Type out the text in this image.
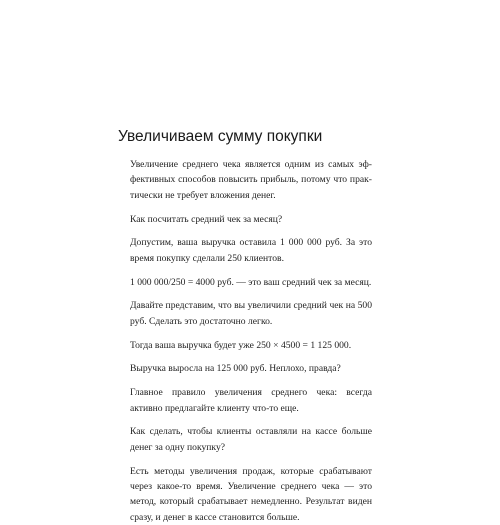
Увеличиваем сумму покупки

Увеличение среднего чека является одним из самых эффективных способов повысить прибыль, потому что практически не требует вложения денег.

Как посчитать средний чек за месяц?

Допустим, ваша выручка оставила 1 000 000 руб. За это время покупку сделали 250 клиентов.

1 000 000/250 = 4000 руб. — это ваш средний чек за месяц.

Давайте представим, что вы увеличили средний чек на 500 руб. Сделать это достаточно легко.

Тогда ваша выручка будет уже 250 × 4500 = 1 125 000.

Выручка выросла на 125 000 руб. Неплохо, правда?

Главное правило увеличения среднего чека: всегда активно предлагайте клиенту что-то еще.

Как сделать, чтобы клиенты оставляли на кассе больше денег за одну покупку?

Есть методы увеличения продаж, которые срабатывают через какое-то время. Увеличение среднего чека — это метод, который срабатывает немедленно. Результат виден сразу, и денег в кассе становится больше.
